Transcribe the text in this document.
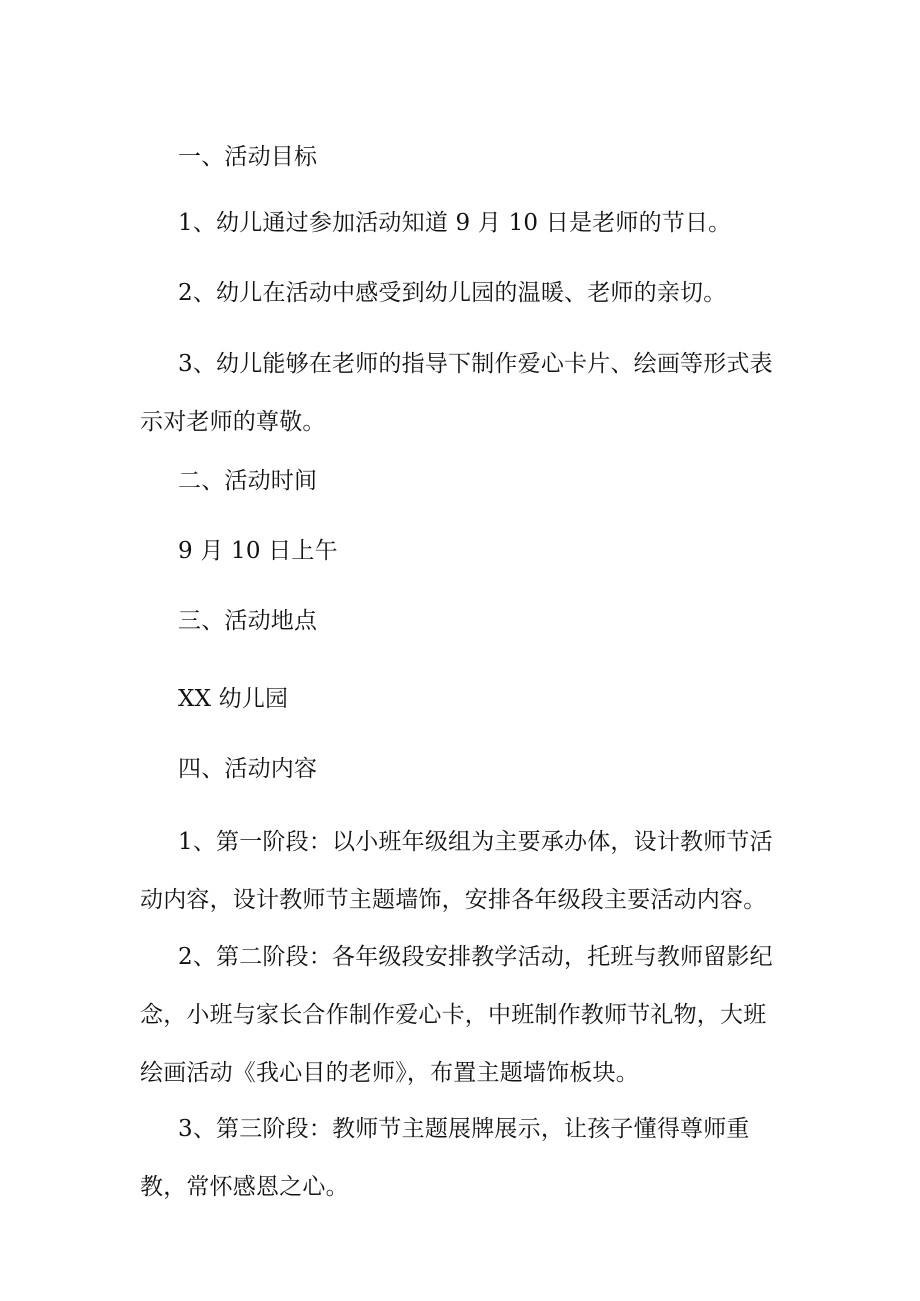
一、活动目标
1、幼儿通过参加活动知道 9 月 10 日是老师的节日。
2、幼儿在活动中感受到幼儿园的温暖、老师的亲切。
3、幼儿能够在老师的指导下制作爱心卡片、绘画等形式表示对老师的尊敬。
二、活动时间
9 月 10 日上午
三、活动地点
XX 幼儿园
四、活动内容
1、第一阶段：以小班年级组为主要承办体，设计教师节活动内容，设计教师节主题墙饰，安排各年级段主要活动内容。
2、第二阶段：各年级段安排教学活动，托班与教师留影纪念，小班与家长合作制作爱心卡，中班制作教师节礼物，大班绘画活动《我心目的老师》，布置主题墙饰板块。
3、第三阶段：教师节主题展牌展示，让孩子懂得尊师重教，常怀感恩之心。
